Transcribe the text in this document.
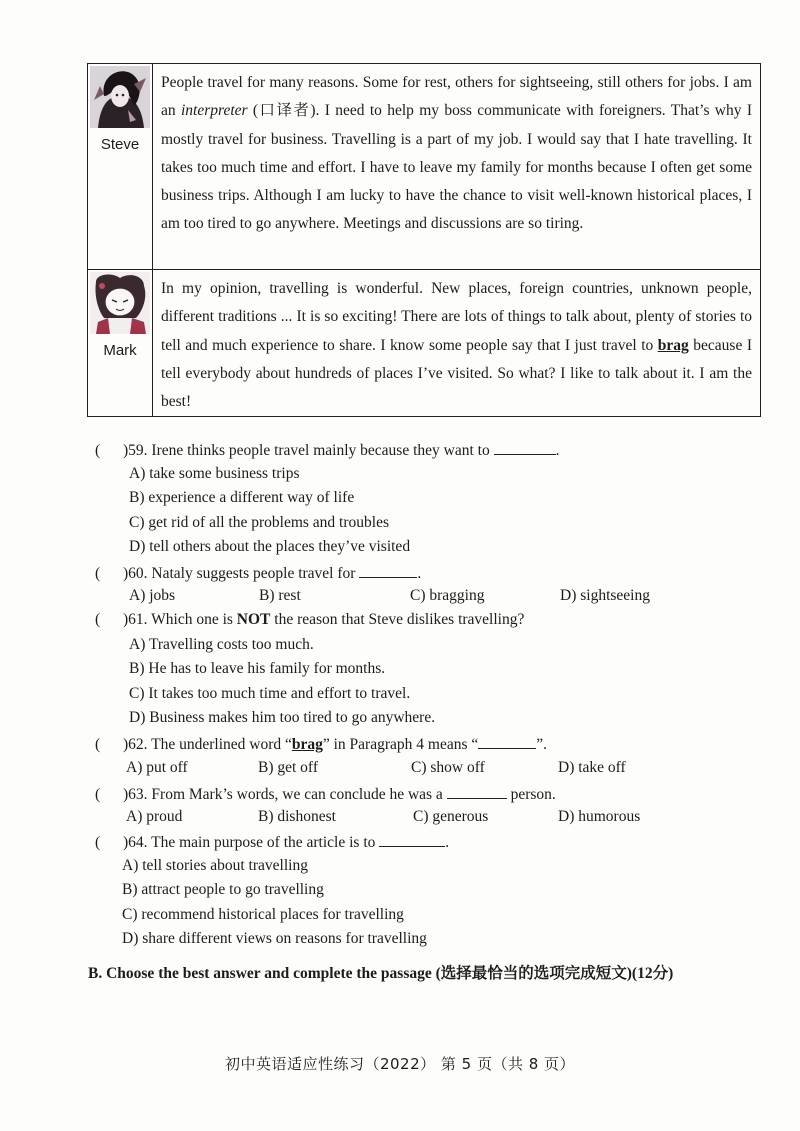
Steve
People travel for many reasons. Some for rest, others for sightseeing, still others for jobs. I am an interpreter (口译者). I need to help my boss communicate with foreigners. That’s why I mostly travel for business. Travelling is a part of my job. I would say that I hate travelling. It takes too much time and effort. I have to leave my family for months because I often get some business trips. Although I am lucky to have the chance to visit well-known historical places, I am too tired to go anywhere. Meetings and discussions are so tiring.
Mark
In my opinion, travelling is wonderful. New places, foreign countries, unknown people, different traditions ... It is so exciting! There are lots of things to talk about, plenty of stories to tell and much experience to share. I know some people say that I just travel to brag because I tell everybody about hundreds of places I’ve visited. So what? I like to talk about it. I am the best!
( )59. Irene thinks people travel mainly because they want to	.
A) take some business trips
B) experience a different way of life
C) get rid of all the problems and troubles
D) tell others about the places they’ve visited
( )60. Nataly suggests people travel for	.
A) jobs	B) rest	C) bragging	D) sightseeing
( )61. Which one is NOT the reason that Steve dislikes travelling?
A) Travelling costs too much.
B) He has to leave his family for months.
C) It takes too much time and effort to travel.
D) Business makes him too tired to go anywhere.
( )62. The underlined word “brag” in Paragraph 4 means “	”.
A) put off	B) get off	C) show off	D) take off
( )63. From Mark’s words, we can conclude he was a	person.
A) proud	B) dishonest	C) generous	D) humorous
( )64. The main purpose of the article is to	.
A) tell stories about travelling
B) attract people to go travelling
C) recommend historical places for travelling
D) share different views on reasons for travelling
B. Choose the best answer and complete the passage (选择最恰当的选项完成短文)(12分)
初中英语适应性练习（2022） 第 5 页（共 8 页）
